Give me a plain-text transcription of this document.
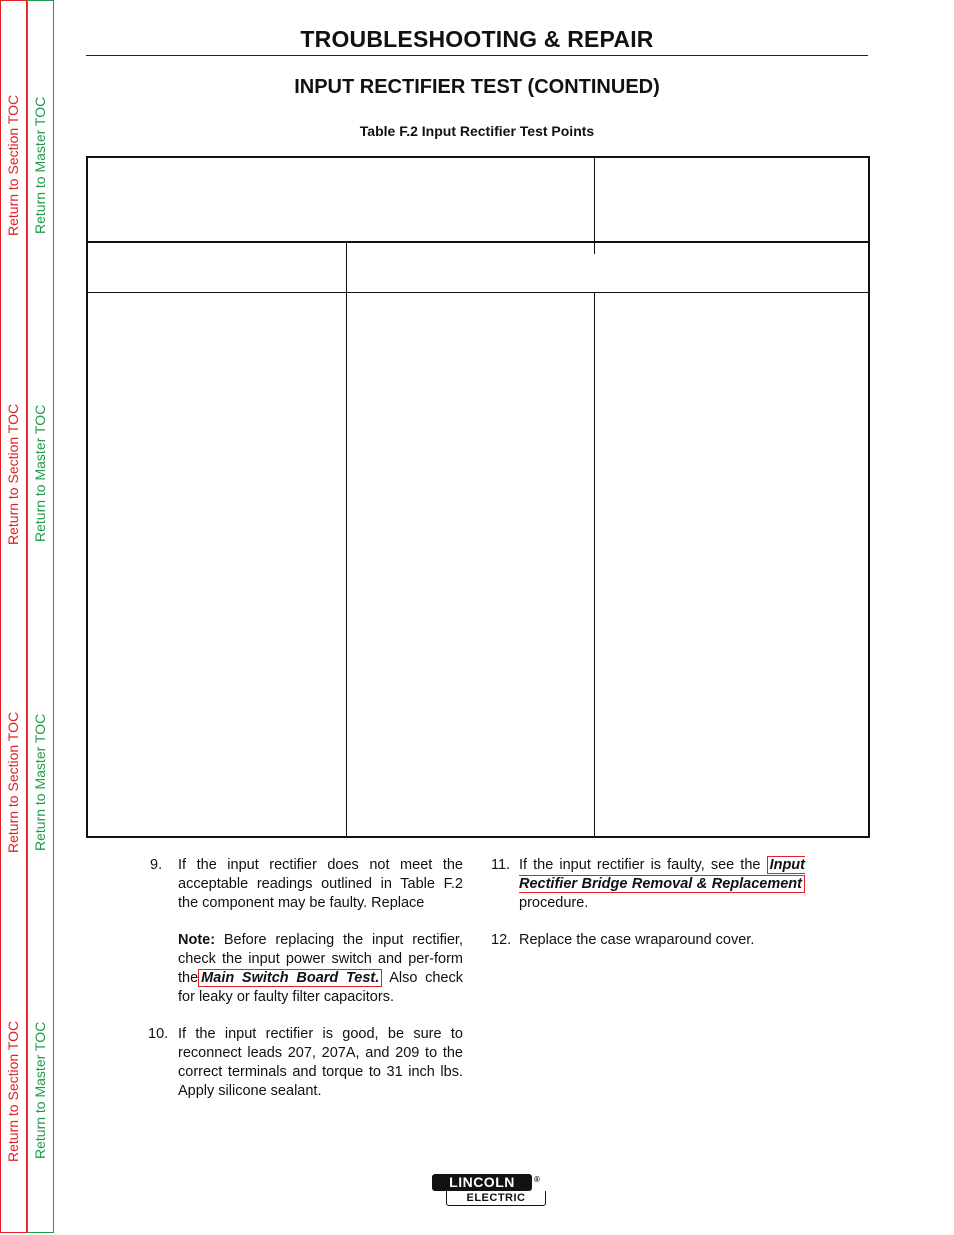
Return to Section TOC
Return to Section TOC
Return to Section TOC
Return to Section TOC
Return to Master TOC
Return to Master TOC
Return to Master TOC
Return to Master TOC
TROUBLESHOOTING & REPAIR
INPUT RECTIFIER TEST (CONTINUED)
Table F.2 Input Rectifier Test Points
9. If the input rectifier does not meet the acceptable readings outlined in Table F.2 the component may be faulty. Replace

Note: Before replacing the input rectifier, check the input power switch and per-form the Main Switch Board Test. Also check for leaky or faulty filter capacitors.

10. If the input rectifier is good, be sure to reconnect leads 207, 207A, and 209 to the correct terminals and torque to 31 inch lbs. Apply silicone sealant.

11. If the input rectifier is faulty, see the Input Rectifier Bridge Removal & Replacement procedure.

12. Replace the case wraparound cover.

LINCOLN
ELECTRIC
®
